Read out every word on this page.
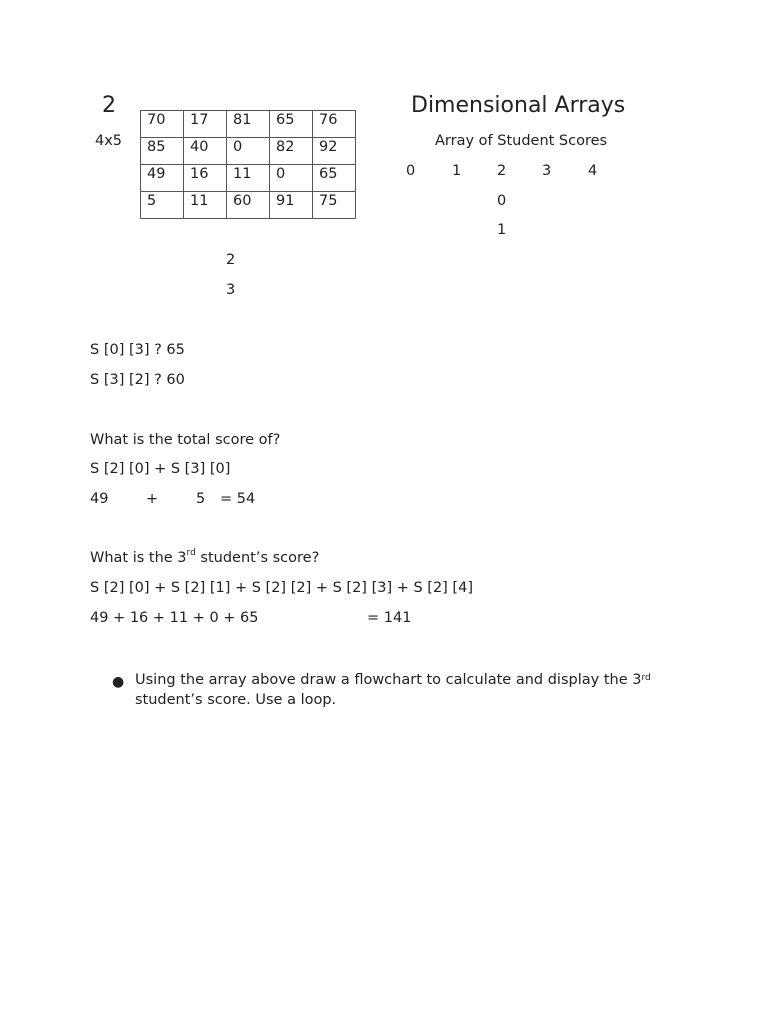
2	Dimensional Arrays
4x5
70	17	81	65	76
85	40	0	82	92
49	16	11	0	65
5	11	60	91	75
Array of Student Scores
0	1 2 3	4
0
1
2
3
S [0] [3] ? 65
S [3] [2] ? 60
What is the total score of?
S [2] [0] + S [3] [0]
49	+	5 = 54
What is the 3rd student’s score?
S [2] [0] + S [2] [1] + S [2] [2] + S [2] [3] + S [2] [4]
49 + 16 + 11 + 0 + 65	= 141
● Using the array above draw a flowchart to calculate and display the 3rd student’s score. Use a loop.
